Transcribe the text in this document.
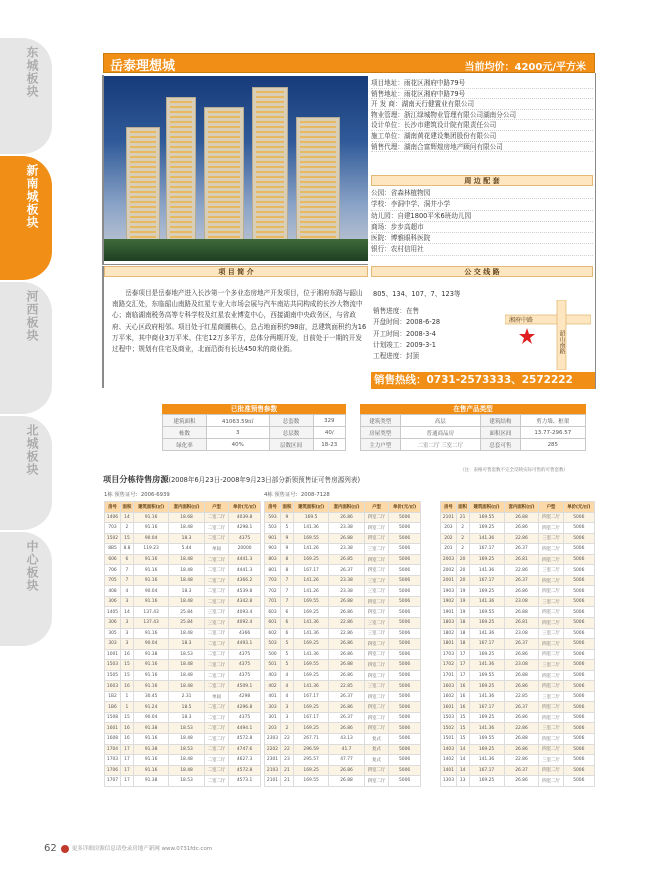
东城板块
新南城板块
河西板块
北城板块
中心板块
岳泰理想城	当前均价：4200元/平方米
项目地址：雨花区湘府中路79号
销售地址：雨花区湘府中路79号
开 发 商：湖南天行健置业有限公司
物业管理：浙江绿城物业管理有限公司湖南分公司
设计单位：长沙市建筑设计院有限责任公司
施工单位：湖南黄花建设集团股份有限公司
销售代理：湖南合富辉煌房地产顾问有限公司
周 边 配 套
公园：省森林植物园
学校：李洞中学、洞井小学
幼儿园：自建1800平米6班幼儿园
商场：步步高超市
医院：博雅眼科医院
银行：农村信用社
项 目 简 介
岳泰项目是岳泰地产进入长沙第一个多业态房地产开发项目，位于湘府东路与韶山南路交汇处，东临韶山南路及红星专业大市场会展与汽车南站共同构成的长沙大物流中心；南临湖南税务高等专科学校及红星农业博览中心，西接湖南中央政务区，与省政府、天心区政府相邻。项目处于红星商圈核心，总占地面积约98亩，总建筑面积约为16万平米，其中商业3万平米、住宅12万多平方，总体分两期开发，目前处于一期的开发过程中；规划有住宅及商业，北面沿街有长达450米的商业街。
公 交 线 路
805、134、107、7、123等
销售进度：在售
开盘时间：2008-6-28
开工时间：2008-3-4
计划竣工：2009-3-1
工程进度：封顶
湘府中路
韶山南路
销售热线：0731-2573333、2572222
已批准预售参数
建筑面积	41063.59㎡	总套数	329
栋数	3	总层数	40/
绿化率	40%	层数区间	18-23
在售产品类型
建筑类型	高层	建筑结构	剪力墙、框架
房屋类型	普通商品房	面积区间	13.77-296.57
主力户型	二室二厅 三室二厅	总套可售	285
（注：表格可售套数不完全反映实际可售的可售套数）
项目分栋待售房源(2008年6月23日-2008年9月23日部分新领预售证可售房源列表)
1栋 预售证号：2006-6939	4栋 预售证号：2008-7128
房号	面积	建筑面积(㎡)	套内面积(㎡)	户型	单价(元/㎡)
1406	14	91.16	18.68	二室二厅	4039.8
703	2	91.16	18.48	二室二厅	4298.1
1502	15	90.04	18.3	二室二厅	4375
8B5	8.8	119.23	5.44	单间	20000
606	6	91.16	18.48	二室二厅	4441.3
706	7	91.16	18.48	二室二厅	4441.3
705	7	91.16	18.48	二室二厅	4366.2
408	4	90.04	18.3	二室二厅	4539.8
306	3	91.16	18.48	二室二厅	4342.8
1405	14	137.43	25.84	三室二厅	4093.4
306	3	137.43	25.84	三室二厅	4092.4
305	3	91.16	18.48	二室二厅	4366
303	3	90.04	18.3	二室二厅	4493.1
1001	16	91.38	18.53	二室二厅	4375
1503	15	91.16	18.48	二室二厅	4375
1505	15	91.16	18.48	二室二厅	4375
1603	16	91.16	18.48	二室二厅	4509.1
1B2	1	30.45	2.31	单间	4298
1B6	1	91.24	18.5	二室二厅	4296.8
1508	15	90.04	18.3	二室二厅	4375
1601	16	91.38	18.53	二室二厅	4494.1
1608	16	91.16	18.48	二室二厅	4572.8
1704	17	91.38	18.53	二室二厅	4747.6
1703	17	91.16	18.48	二室二厅	4627.3
1706	17	91.16	18.48	二室二厅	4572.8
1707	17	91.38	18.53	二室二厅	4573.1
房号	面积	建筑面积(㎡)	套内面积(㎡)	户型	单价(元/㎡)
593	9	169.5	26.86	四室二厅	5006
503	5	141.36	23.38	四室二厅	5006
901	9	169.55	26.88	四室二厅	5006
903	9	141.26	23.38	三室二厅	5006
803	8	169.25	26.85	四室二厅	5006
801	8	167.17	26.37	四室二厅	5006
703	7	141.26	23.38	三室二厅	5006
702	7	141.26	23.38	三室二厅	5006
701	7	169.55	26.88	四室二厅	5006
603	6	169.25	26.86	四室二厅	5006
601	6	141.36	22.86	三室二厅	5006
602	6	141.36	22.86	三室二厅	5006
503	5	169.25	26.86	四室二厅	5006
500	5	141.36	26.86	四室二厅	5006
501	5	169.55	26.88	四室二厅	5006
403	4	169.25	26.86	四室二厅	5006
402	4	141.36	22.85	三室二厅	5006
401	4	167.17	26.37	四室二厅	5006
303	3	169.25	26.86	四室二厅	5006
301	3	167.17	26.37	四室二厅	5006
203	2	169.25	26.86	四室二厅	5006
2303	22	267.71	43.13	复式	5006
2202	22	296.59	41.7	复式	5006
2301	23	295.57	47.77	复式	5006
2103	21	169.25	26.86	四室二厅	5006
2101	21	169.55	26.88	四室二厅	5006
房号	面积	建筑面积(㎡)	套内面积(㎡)	户型	单价(元/㎡)
2101	21	169.55	26.88	四室二厅	5006
203	2	169.25	26.86	四室二厅	5006
202	2	141.36	22.86	三室二厅	5006
201	2	167.17	26.37	四室二厅	5006
2003	20	169.25	26.81	四室二厅	5006
2002	20	141.36	22.86	三室二厅	5006
2001	20	167.17	26.37	四室二厅	5006
1903	19	169.25	26.86	四室二厅	5006
1902	19	141.36	23.08	三室二厅	5006
1901	19	169.55	26.88	四室二厅	5006
1803	18	169.25	26.81	四室二厅	5006
1802	18	141.36	23.08	三室二厅	5006
1801	18	167.17	26.37	四室二厅	5006
1703	17	169.25	26.86	四室二厅	5006
1702	17	141.36	23.08	三室二厅	5006
1701	17	169.55	26.88	四室二厅	5006
1603	16	169.25	26.86	四室二厅	5006
1602	16	141.36	22.85	三室二厅	5006
1601	16	167.17	26.37	四室二厅	5006
1503	15	169.25	26.86	四室二厅	5006
1502	15	141.36	22.86	三室二厅	5006
1501	15	169.55	26.88	四室二厅	5006
1403	14	169.25	26.86	四室二厅	5006
1402	14	141.36	22.86	三室二厅	5006
1401	14	167.17	26.37	四室二厅	5006
1303	13	169.25	26.86	四室二厅	5006
62	更多详细房源信息请登录房地产新网 www.0731fdc.com
